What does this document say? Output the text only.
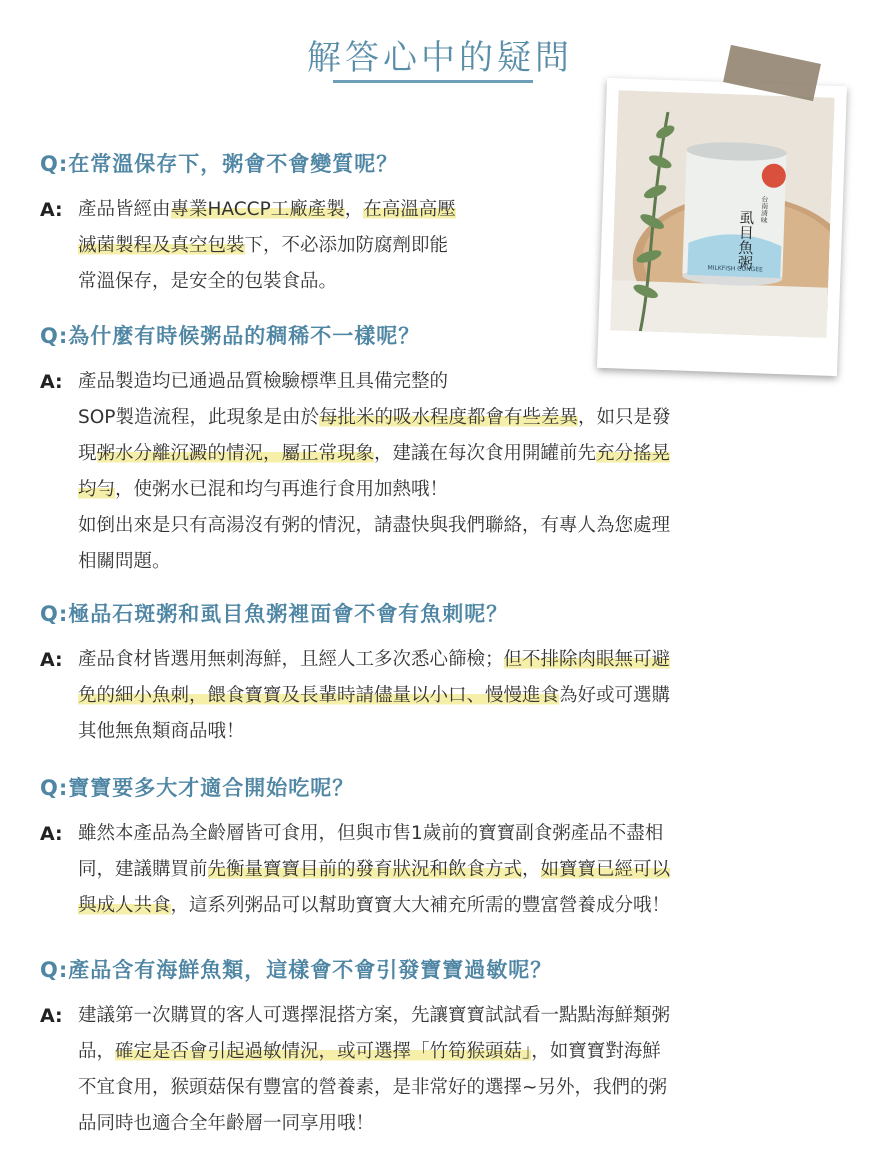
解答心中的疑問
虱目魚粥
台南清味
MILKFISH CONGEE
Q:在常溫保存下，粥會不會變質呢？
A: 產品皆經由專業HACCP工廠產製，在高溫高壓
滅菌製程及真空包裝下，不必添加防腐劑即能
常溫保存，是安全的包裝食品。
Q:為什麼有時候粥品的稠稀不一樣呢？
A: 產品製造均已通過品質檢驗標準且具備完整的
SOP製造流程，此現象是由於每批米的吸水程度都會有些差異，如只是發
現粥水分離沉澱的情況，屬正常現象，建議在每次食用開罐前先充分搖晃
均勻，使粥水已混和均勻再進行食用加熱哦！
如倒出來是只有高湯沒有粥的情況，請盡快與我們聯絡，有專人為您處理
相關問題。
Q:極品石斑粥和虱目魚粥裡面會不會有魚刺呢？
A: 產品食材皆選用無刺海鮮，且經人工多次悉心篩檢；但不排除肉眼無可避
免的細小魚刺，餵食寶寶及長輩時請儘量以小口、慢慢進食為好或可選購
其他無魚類商品哦！
Q:寶寶要多大才適合開始吃呢？
A: 雖然本產品為全齡層皆可食用，但與市售1歲前的寶寶副食粥產品不盡相
同，建議購買前先衡量寶寶目前的發育狀況和飲食方式，如寶寶已經可以
與成人共食，這系列粥品可以幫助寶寶大大補充所需的豐富營養成分哦！
Q:產品含有海鮮魚類，這樣會不會引發寶寶過敏呢？
A: 建議第一次購買的客人可選擇混搭方案，先讓寶寶試試看一點點海鮮類粥
品，確定是否會引起過敏情況，或可選擇「竹筍猴頭菇」，如寶寶對海鮮
不宜食用，猴頭菇保有豐富的營養素，是非常好的選擇~另外，我們的粥
品同時也適合全年齡層一同享用哦！
